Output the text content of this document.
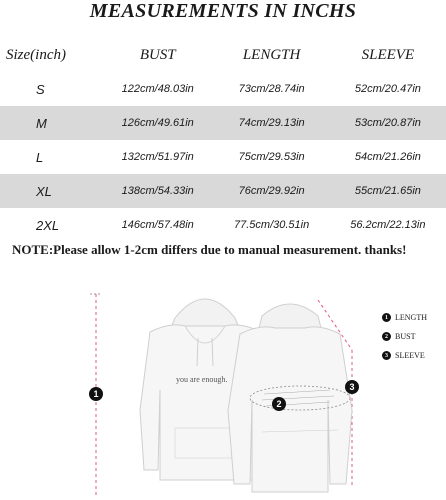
MEASUREMENTS IN INCHS
Size(inch)	BUST	LENGTH	SLEEVE
S	122cm/48.03in	73cm/28.74in	52cm/20.47in
M	126cm/49.61in	74cm/29.13in	53cm/20.87in
L	132cm/51.97in	75cm/29.53in	54cm/21.26in
XL	138cm/54.33in	76cm/29.92in	55cm/21.65in
2XL	146cm/57.48in	77.5cm/30.51in	56.2cm/22.13in
NOTE:Please allow 1-2cm differs due to manual measurement. thanks!
you are enough.
1
2
3
1 LENGTH
2 BUST
3 SLEEVE
